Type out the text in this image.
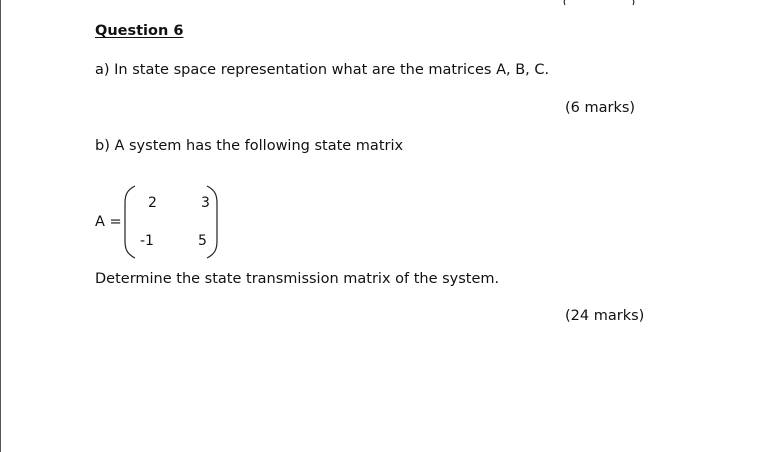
Question 6
a) In state space representation what are the matrices A, B, C.
(6 marks)
b) A system has the following state matrix
A =
2	3
-1	5
Determine the state transmission matrix of the system.
(24 marks)
